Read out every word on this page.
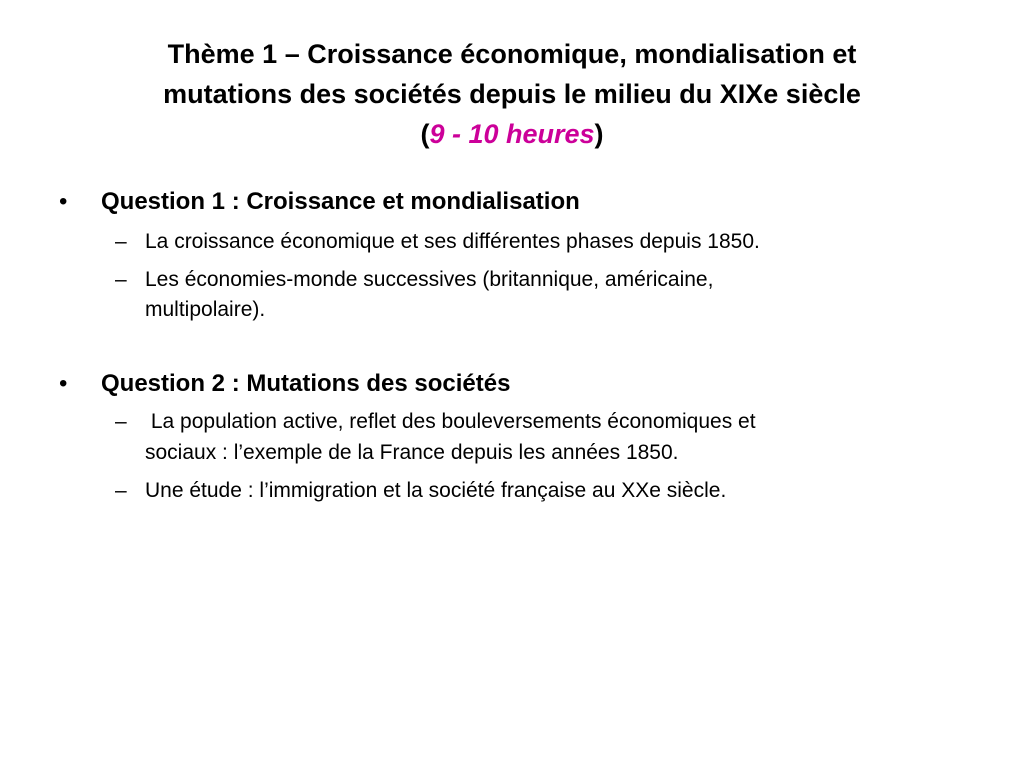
Thème 1 – Croissance économique, mondialisation et
mutations des sociétés depuis le milieu du XIXe siècle
(9 - 10 heures)
• Question 1 : Croissance et mondialisation
– La croissance économique et ses différentes phases depuis 1850.
– Les économies-monde successives (britannique, américaine,
multipolaire).
• Question 2 : Mutations des sociétés
– La population active, reflet des bouleversements économiques et
sociaux : l’exemple de la France depuis les années 1850.
– Une étude : l’immigration et la société française au XXe siècle.
